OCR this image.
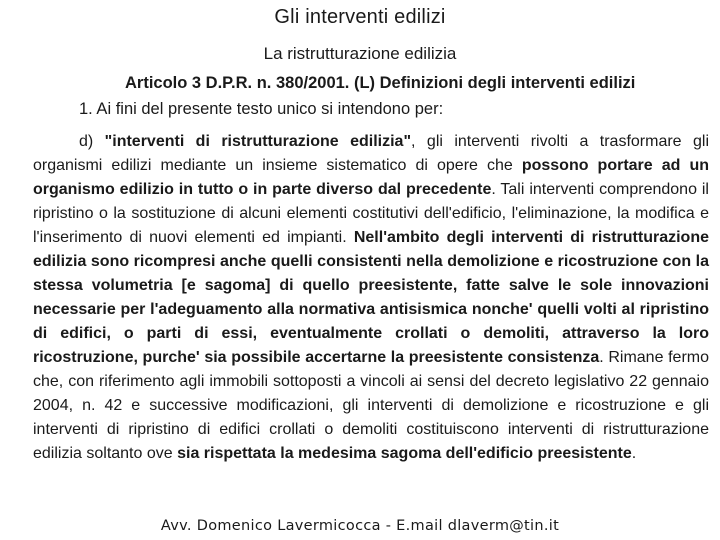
Gli interventi edilizi
La ristrutturazione edilizia
Articolo 3 D.P.R. n. 380/2001. (L) Definizioni degli interventi edilizi
1. Ai fini del presente testo unico si intendono per:
d) "interventi di ristrutturazione edilizia", gli interventi rivolti a trasformare gli organismi edilizi mediante un insieme sistematico di opere che possono portare ad un organismo edilizio in tutto o in parte diverso dal precedente. Tali interventi comprendono il ripristino o la sostituzione di alcuni elementi costitutivi dell'edificio, l'eliminazione, la modifica e l'inserimento di nuovi elementi ed impianti. Nell'ambito degli interventi di ristrutturazione edilizia sono ricompresi anche quelli consistenti nella demolizione e ricostruzione con la stessa volumetria [e sagoma] di quello preesistente, fatte salve le sole innovazioni necessarie per l'adeguamento alla normativa antisismica nonche' quelli volti al ripristino di edifici, o parti di essi, eventualmente crollati o demoliti, attraverso la loro ricostruzione, purche' sia possibile accertarne la preesistente consistenza. Rimane fermo che, con riferimento agli immobili sottoposti a vincoli ai sensi del decreto legislativo 22 gennaio 2004, n. 42 e successive modificazioni, gli interventi di demolizione e ricostruzione e gli interventi di ripristino di edifici crollati o demoliti costituiscono interventi di ristrutturazione edilizia soltanto ove sia rispettata la medesima sagoma dell'edificio preesistente.
Avv. Domenico Lavermicocca - E.mail dlaverm@tin.it
